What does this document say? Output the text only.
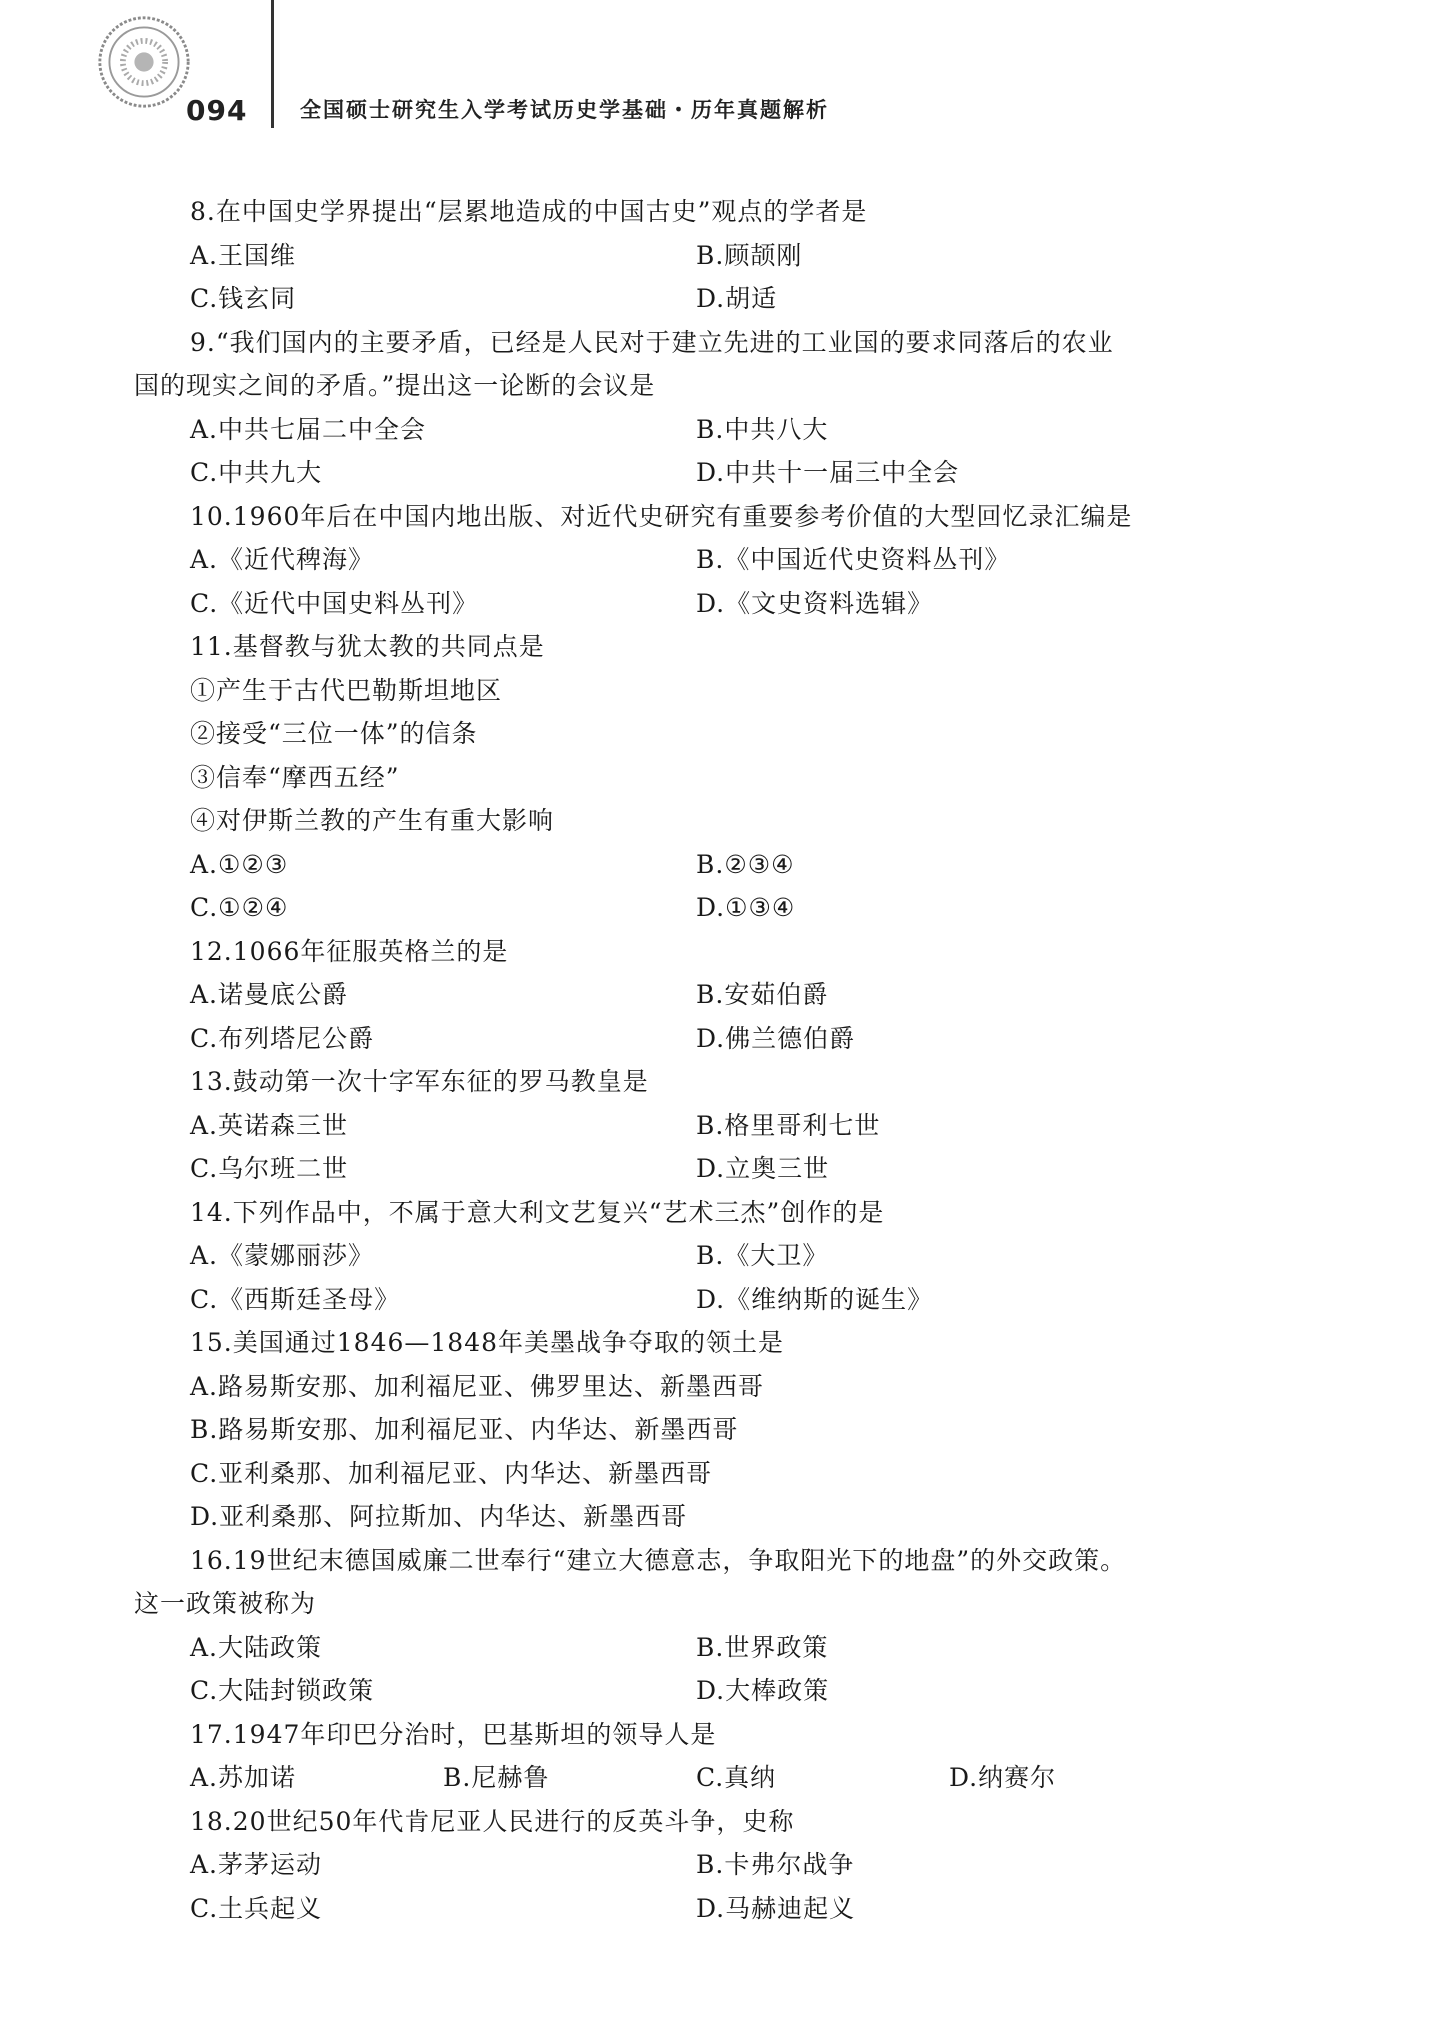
094	全国硕士研究生入学考试历史学基础・历年真题解析
8.在中国史学界提出“层累地造成的中国古史”观点的学者是
A.王国维	B.顾颉刚
C.钱玄同	D.胡适
9.“我们国内的主要矛盾，已经是人民对于建立先进的工业国的要求同落后的农业
国的现实之间的矛盾。”提出这一论断的会议是
A.中共七届二中全会	B.中共八大
C.中共九大	D.中共十一届三中全会
10.1960年后在中国内地出版、对近代史研究有重要参考价值的大型回忆录汇编是
A.《近代稗海》	B.《中国近代史资料丛刊》
C.《近代中国史料丛刊》	D.《文史资料选辑》
11.基督教与犹太教的共同点是
①产生于古代巴勒斯坦地区
②接受“三位一体”的信条
③信奉“摩西五经”
④对伊斯兰教的产生有重大影响
A.①②③	B.②③④
C.①②④	D.①③④
12.1066年征服英格兰的是
A.诺曼底公爵	B.安茹伯爵
C.布列塔尼公爵	D.佛兰德伯爵
13.鼓动第一次十字军东征的罗马教皇是
A.英诺森三世	B.格里哥利七世
C.乌尔班二世	D.立奥三世
14.下列作品中，不属于意大利文艺复兴“艺术三杰”创作的是
A.《蒙娜丽莎》	B.《大卫》
C.《西斯廷圣母》	D.《维纳斯的诞生》
15.美国通过1846—1848年美墨战争夺取的领土是
A.路易斯安那、加利福尼亚、佛罗里达、新墨西哥
B.路易斯安那、加利福尼亚、内华达、新墨西哥
C.亚利桑那、加利福尼亚、内华达、新墨西哥
D.亚利桑那、阿拉斯加、内华达、新墨西哥
16.19世纪末德国威廉二世奉行“建立大德意志，争取阳光下的地盘”的外交政策。
这一政策被称为
A.大陆政策	B.世界政策
C.大陆封锁政策	D.大棒政策
17.1947年印巴分治时，巴基斯坦的领导人是
A.苏加诺	B.尼赫鲁	C.真纳	D.纳赛尔
18.20世纪50年代肯尼亚人民进行的反英斗争，史称
A.茅茅运动	B.卡弗尔战争
C.土兵起义	D.马赫迪起义
